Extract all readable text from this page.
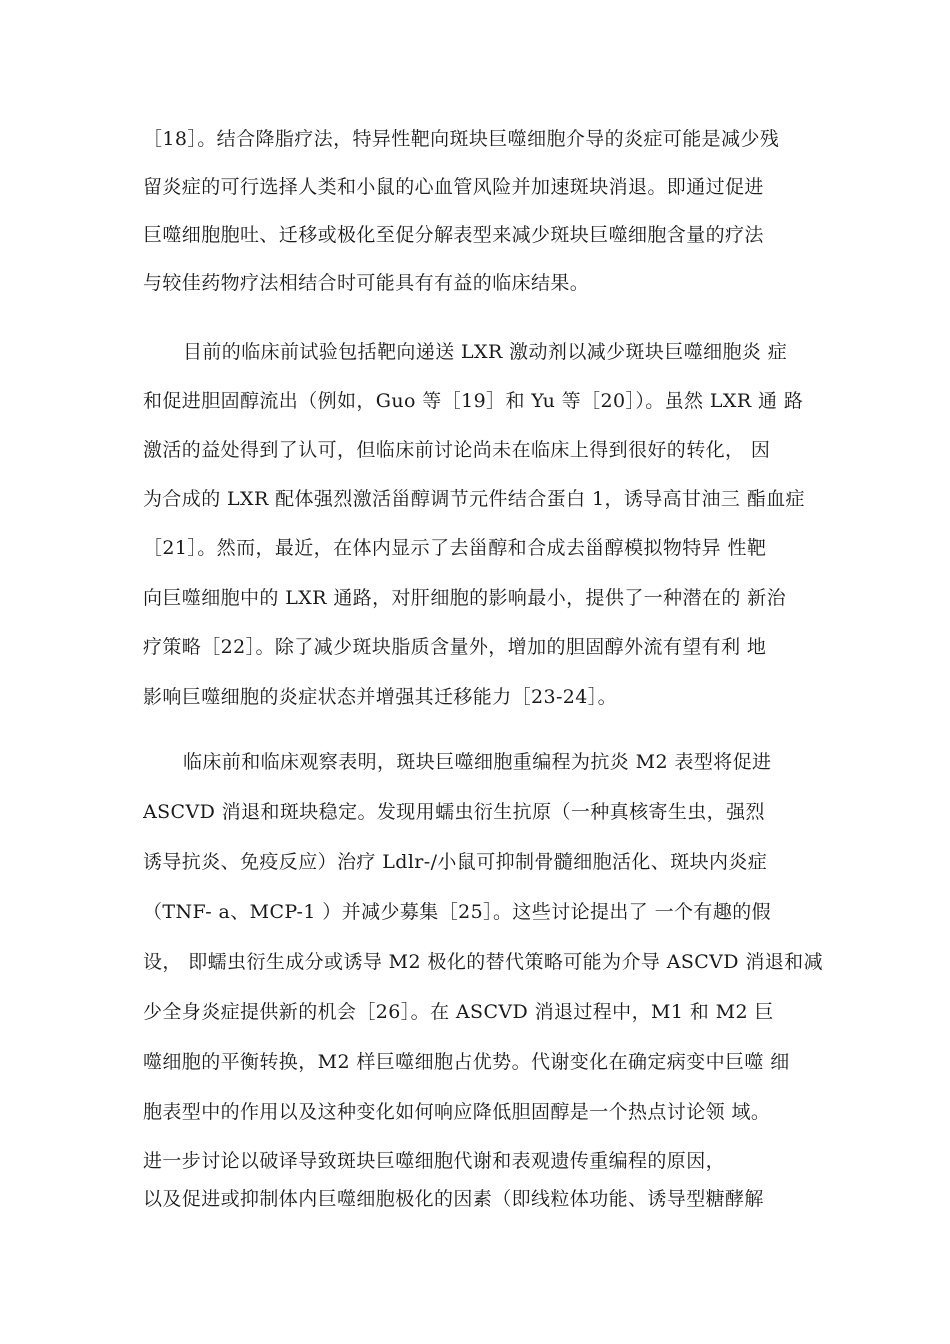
［18］。结合降脂疗法，特异性靶向斑块巨噬细胞介导的炎症可能是减少残
留炎症的可行选择人类和小鼠的心血管风险并加速斑块消退。即通过促进
巨噬细胞胞吐、迁移或极化至促分解表型来减少斑块巨噬细胞含量的疗法
与较佳药物疗法相结合时可能具有有益的临床结果。
目前的临床前试验包括靶向递送 LXR 激动剂以减少斑块巨噬细胞炎 症
和促进胆固醇流出（例如，Guo 等［19］和 Yu 等［20］）。虽然 LXR 通 路
激活的益处得到了认可，但临床前讨论尚未在临床上得到很好的转化， 因
为合成的 LXR 配体强烈激活甾醇调节元件结合蛋白 1，诱导高甘油三 酯血症
［21］。然而，最近，在体内显示了去甾醇和合成去甾醇模拟物特异 性靶
向巨噬细胞中的 LXR 通路，对肝细胞的影响最小，提供了一种潜在的 新治
疗策略［22］。除了减少斑块脂质含量外，增加的胆固醇外流有望有利 地
影响巨噬细胞的炎症状态并增强其迁移能力［23-24］。
临床前和临床观察表明，斑块巨噬细胞重编程为抗炎 M2 表型将促进
ASCVD 消退和斑块稳定。发现用蠕虫衍生抗原（一种真核寄生虫，强烈
诱导抗炎、免疫反应）治疗 Ldlr-/小鼠可抑制骨髓细胞活化、斑块内炎症
（TNF- a、MCP-1 ）并减少募集［25］。这些讨论提出了 一个有趣的假
设， 即蠕虫衍生成分或诱导 M2 极化的替代策略可能为介导 ASCVD 消退和减
少全身炎症提供新的机会［26］。在 ASCVD 消退过程中，M1 和 M2 巨
噬细胞的平衡转换，M2 样巨噬细胞占优势。代谢变化在确定病变中巨噬 细
胞表型中的作用以及这种变化如何响应降低胆固醇是一个热点讨论领 域。
进一步讨论以破译导致斑块巨噬细胞代谢和表观遗传重编程的原因，
以及促进或抑制体内巨噬细胞极化的因素（即线粒体功能、诱导型糖酵解
